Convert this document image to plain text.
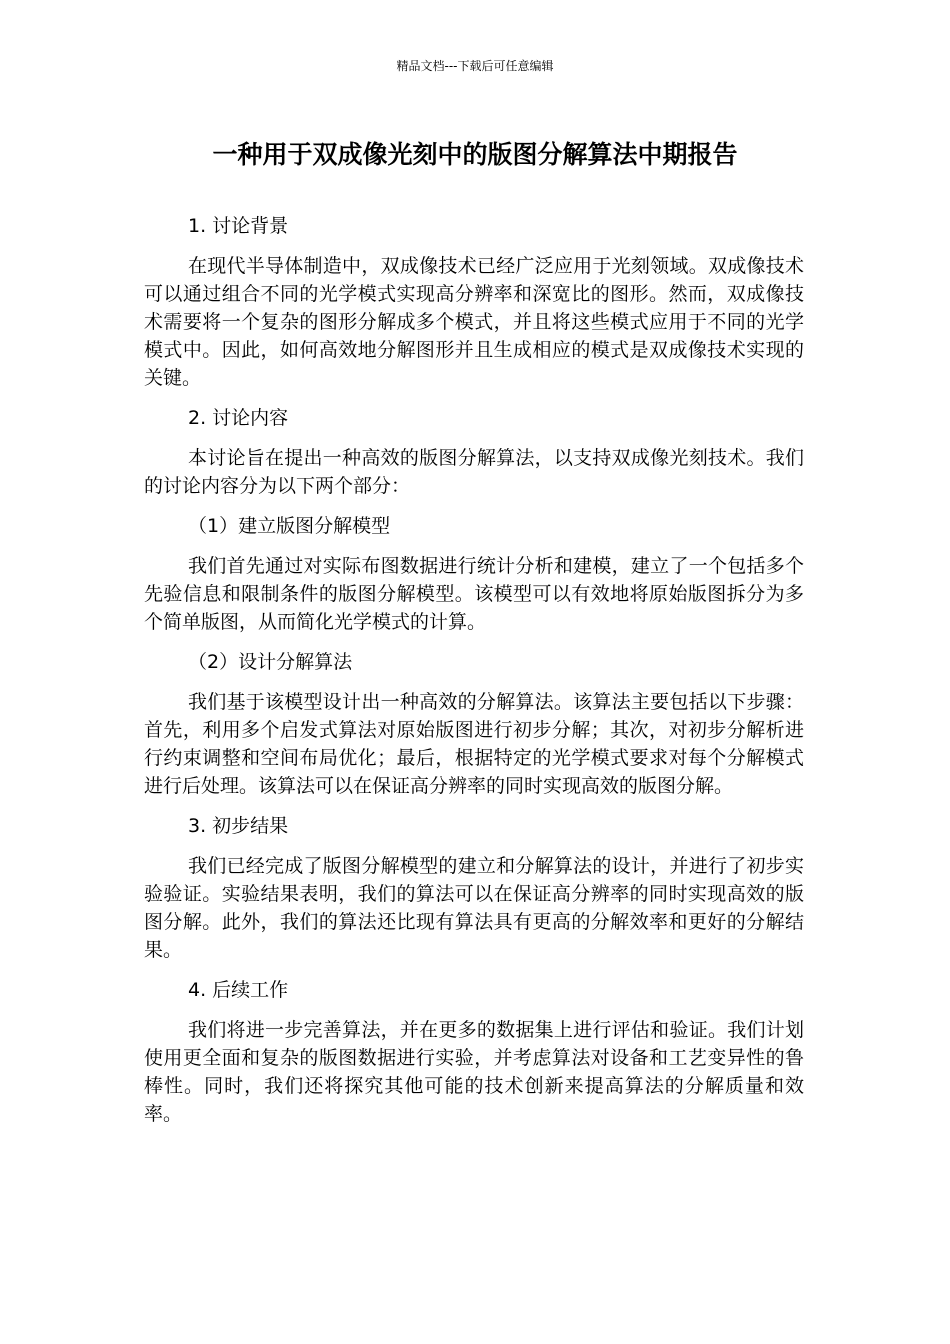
精品文档---下载后可任意编辑
一种用于双成像光刻中的版图分解算法中期报告

1. 讨论背景

在现代半导体制造中，双成像技术已经广泛应用于光刻领域。双成像技术可以通过组合不同的光学模式实现高分辨率和深宽比的图形。然而，双成像技术需要将一个复杂的图形分解成多个模式，并且将这些模式应用于不同的光学模式中。因此，如何高效地分解图形并且生成相应的模式是双成像技术实现的关键。

2. 讨论内容

本讨论旨在提出一种高效的版图分解算法，以支持双成像光刻技术。我们的讨论内容分为以下两个部分：

（1）建立版图分解模型

我们首先通过对实际布图数据进行统计分析和建模，建立了一个包括多个先验信息和限制条件的版图分解模型。该模型可以有效地将原始版图拆分为多个简单版图，从而简化光学模式的计算。

（2）设计分解算法

我们基于该模型设计出一种高效的分解算法。该算法主要包括以下步骤：首先，利用多个启发式算法对原始版图进行初步分解；其次，对初步分解析进行约束调整和空间布局优化；最后，根据特定的光学模式要求对每个分解模式进行后处理。该算法可以在保证高分辨率的同时实现高效的版图分解。

3. 初步结果

我们已经完成了版图分解模型的建立和分解算法的设计，并进行了初步实验验证。实验结果表明，我们的算法可以在保证高分辨率的同时实现高效的版图分解。此外，我们的算法还比现有算法具有更高的分解效率和更好的分解结果。

4. 后续工作

我们将进一步完善算法，并在更多的数据集上进行评估和验证。我们计划使用更全面和复杂的版图数据进行实验，并考虑算法对设备和工艺变异性的鲁棒性。同时，我们还将探究其他可能的技术创新来提高算法的分解质量和效率。
